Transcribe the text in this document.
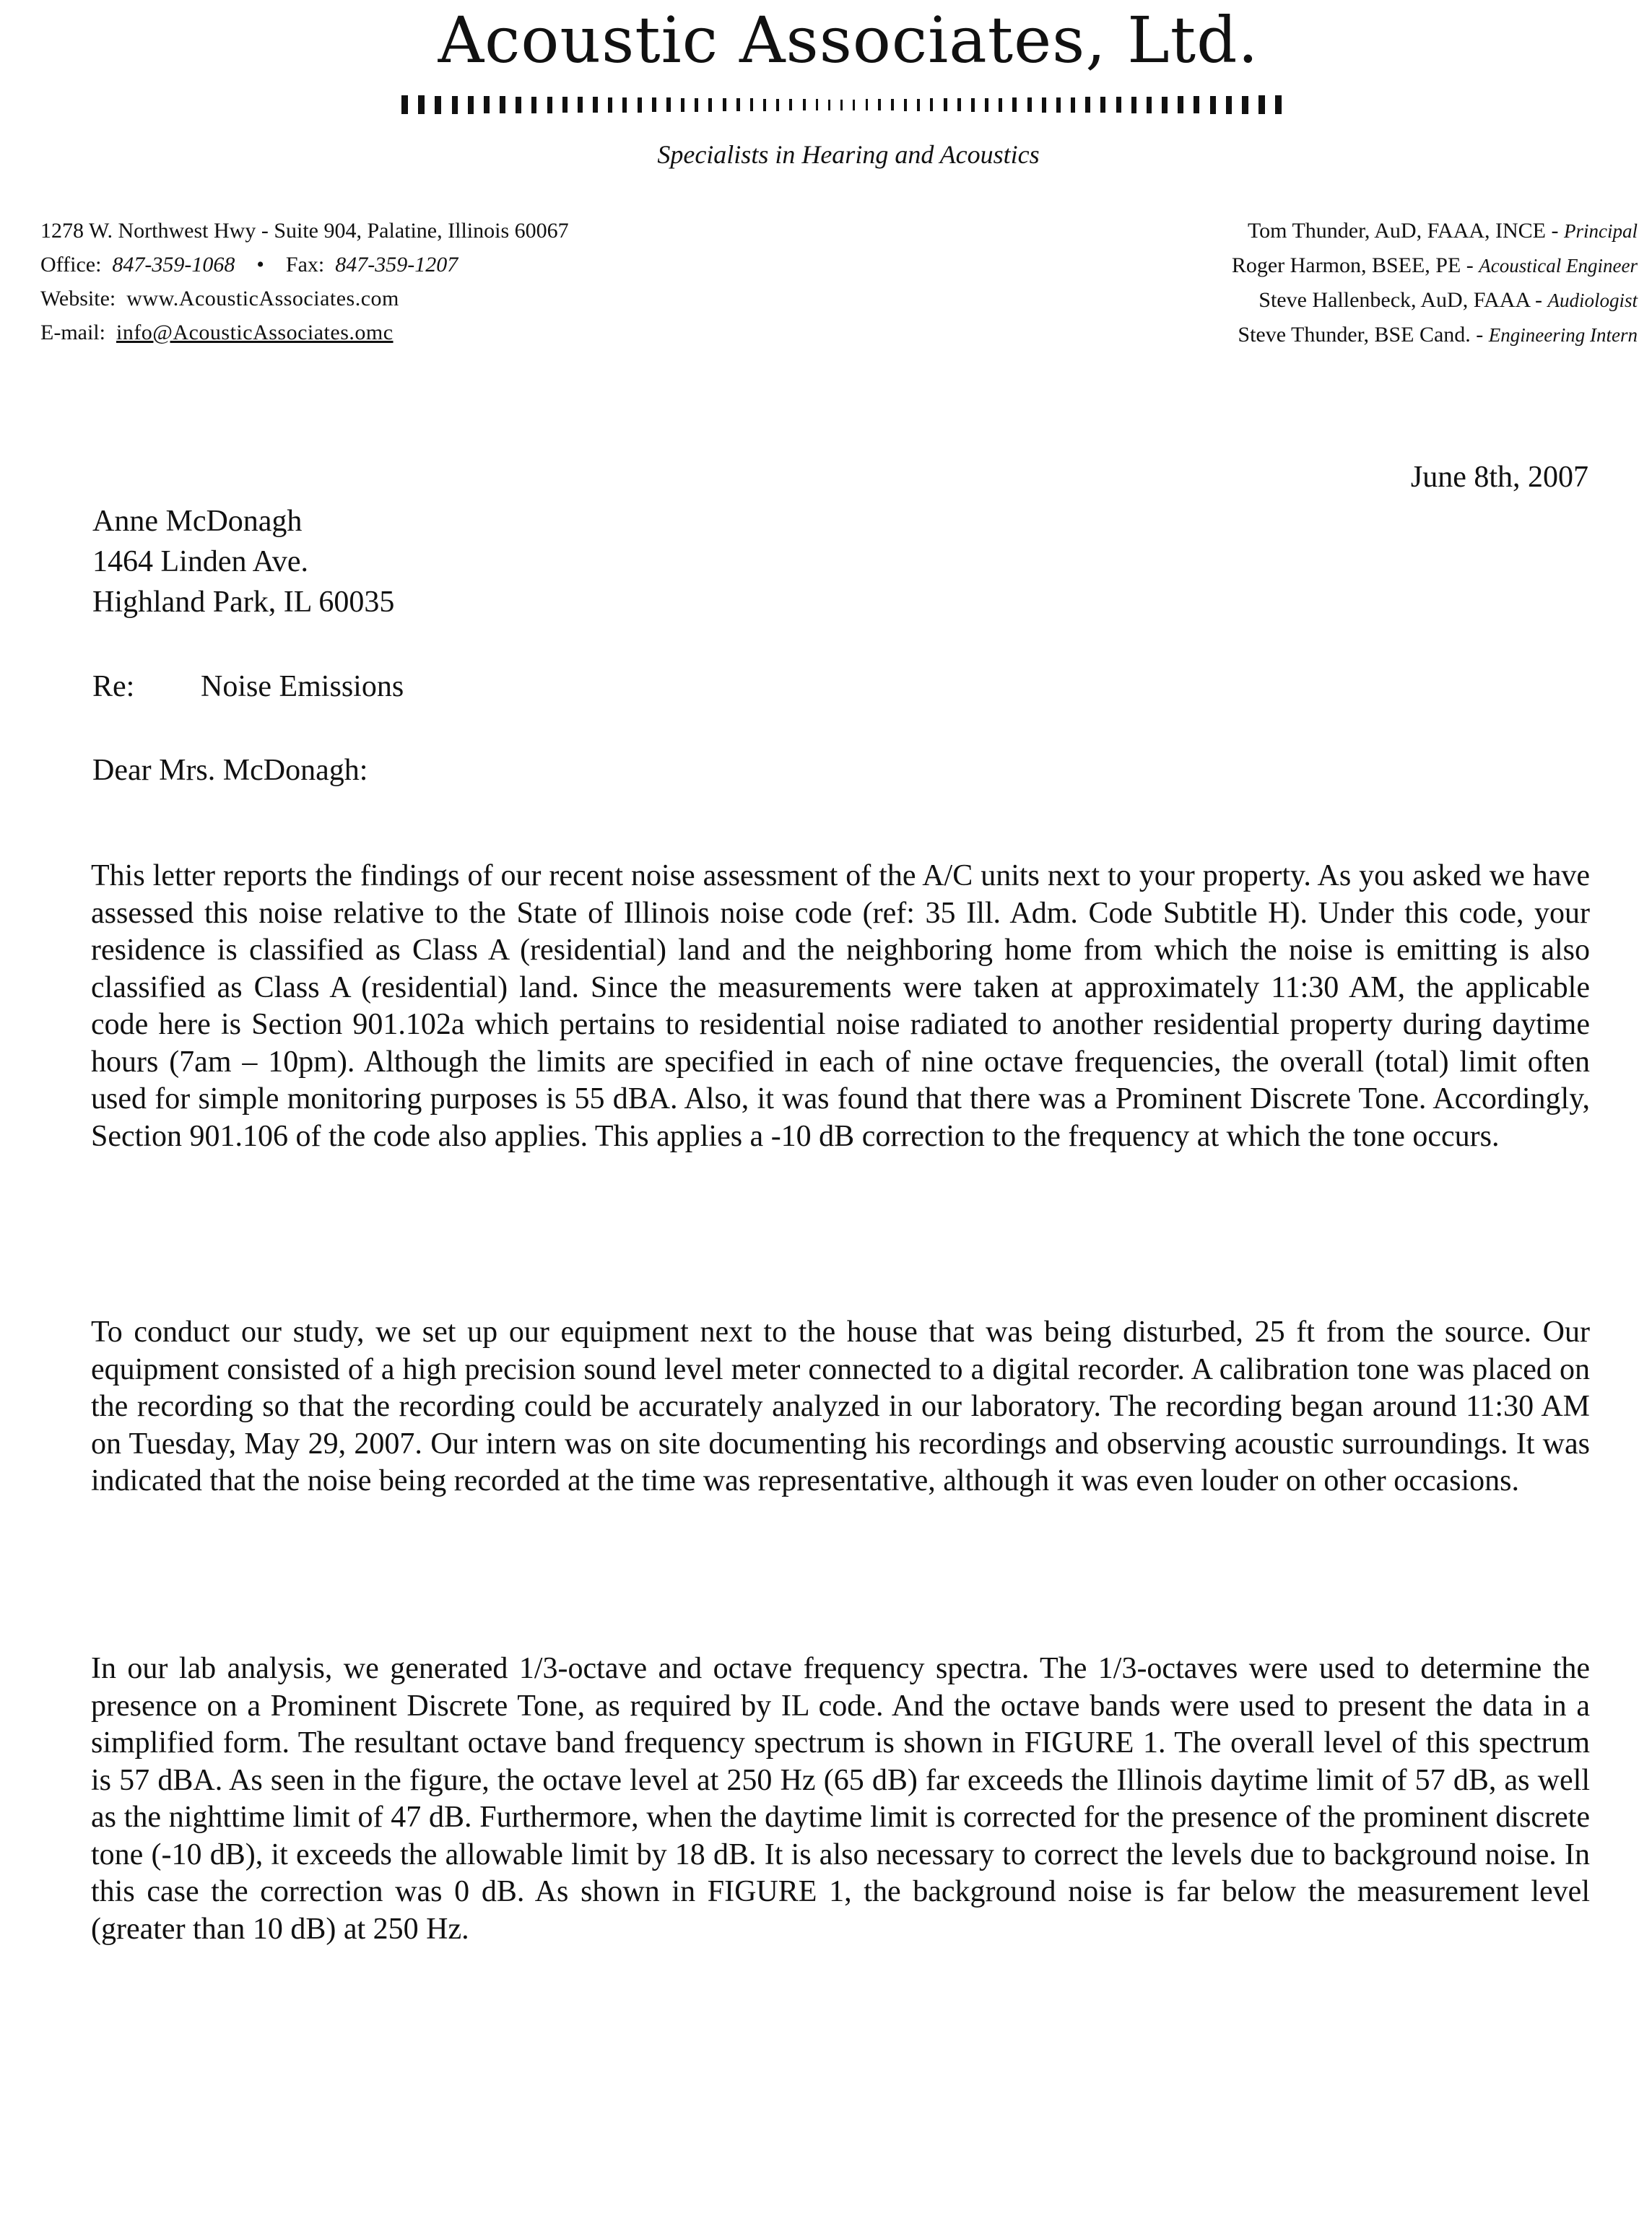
Acoustic Associates, Ltd.
Specialists in Hearing and Acoustics
1278 W. Northwest Hwy - Suite 904, Palatine, Illinois 60067
Office: 847-359-1068 • Fax: 847-359-1207
Website: www.AcousticAssociates.com
E-mail: info@AcousticAssociates.omc
Tom Thunder, AuD, FAAA, INCE - Principal
Roger Harmon, BSEE, PE - Acoustical Engineer
Steve Hallenbeck, AuD, FAAA - Audiologist
Steve Thunder, BSE Cand. - Engineering Intern
June 8th, 2007
Anne McDonagh
1464 Linden Ave.
Highland Park, IL 60035
Re: Noise Emissions
Dear Mrs. McDonagh:

This letter reports the findings of our recent noise assessment of the A/C units next to your property. As you asked we have assessed this noise relative to the State of Illinois noise code (ref: 35 Ill. Adm. Code Subtitle H). Under this code, your residence is classified as Class A (residential) land and the neighboring home from which the noise is emitting is also classified as Class A (residential) land. Since the measurements were taken at approximately 11:30 AM, the applicable code here is Section 901.102a which pertains to residential noise radiated to another residential property during daytime hours (7am – 10pm). Although the limits are specified in each of nine octave frequencies, the overall (total) limit often used for simple monitoring purposes is 55 dBA. Also, it was found that there was a Prominent Discrete Tone. Accordingly, Section 901.106 of the code also applies. This applies a -10 dB correction to the frequency at which the tone occurs.

To conduct our study, we set up our equipment next to the house that was being disturbed, 25 ft from the source. Our equipment consisted of a high precision sound level meter connected to a digital recorder. A calibration tone was placed on the recording so that the recording could be accurately analyzed in our laboratory. The recording began around 11:30 AM on Tuesday, May 29, 2007. Our intern was on site documenting his recordings and observing acoustic surroundings. It was indicated that the noise being recorded at the time was representative, although it was even louder on other occasions.

In our lab analysis, we generated 1/3-octave and octave frequency spectra. The 1/3-octaves were used to determine the presence on a Prominent Discrete Tone, as required by IL code. And the octave bands were used to present the data in a simplified form. The resultant octave band frequency spectrum is shown in FIGURE 1. The overall level of this spectrum is 57 dBA. As seen in the figure, the octave level at 250 Hz (65 dB) far exceeds the Illinois daytime limit of 57 dB, as well as the nighttime limit of 47 dB. Furthermore, when the daytime limit is corrected for the presence of the prominent discrete tone (-10 dB), it exceeds the allowable limit by 18 dB. It is also necessary to correct the levels due to background noise. In this case the correction was 0 dB. As shown in FIGURE 1, the background noise is far below the measurement level (greater than 10 dB) at 250 Hz.
